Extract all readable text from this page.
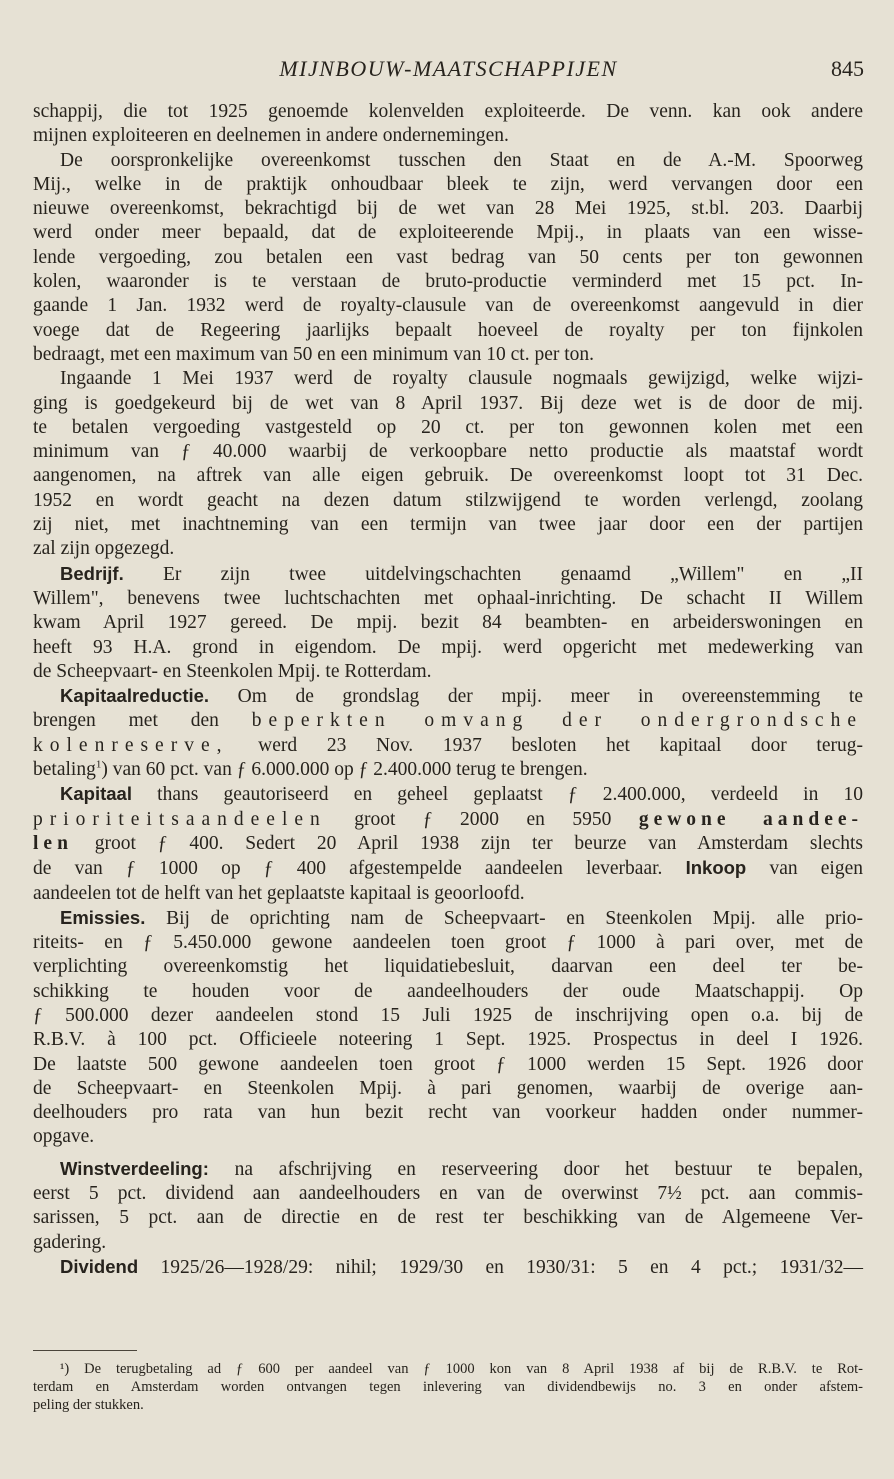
MIJNBOUW-MAATSCHAPPIJEN	845
schappij, die tot 1925 genoemde kolenvelden exploiteerde. De venn. kan ook andere
mijnen exploiteeren en deelnemen in andere ondernemingen.
De oorspronkelijke overeenkomst tusschen den Staat en de A.-M. Spoorweg
Mij., welke in de praktijk onhoudbaar bleek te zijn, werd vervangen door een
nieuwe overeenkomst, bekrachtigd bij de wet van 28 Mei 1925, st.bl. 203. Daarbij
werd onder meer bepaald, dat de exploiteerende Mpij., in plaats van een wisse-
lende vergoeding, zou betalen een vast bedrag van 50 cents per ton gewonnen
kolen, waaronder is te verstaan de bruto-productie verminderd met 15 pct. In-
gaande 1 Jan. 1932 werd de royalty-clausule van de overeenkomst aangevuld in dier
voege dat de Regeering jaarlijks bepaalt hoeveel de royalty per ton fijnkolen
bedraagt, met een maximum van 50 en een minimum van 10 ct. per ton.
Ingaande 1 Mei 1937 werd de royalty clausule nogmaals gewijzigd, welke wijzi-
ging is goedgekeurd bij de wet van 8 April 1937. Bij deze wet is de door de mij.
te betalen vergoeding vastgesteld op 20 ct. per ton gewonnen kolen met een
minimum van ƒ 40.000 waarbij de verkoopbare netto productie als maatstaf wordt
aangenomen, na aftrek van alle eigen gebruik. De overeenkomst loopt tot 31 Dec.
1952 en wordt geacht na dezen datum stilzwijgend te worden verlengd, zoolang
zij niet, met inachtneming van een termijn van twee jaar door een der partijen
zal zijn opgezegd.
Bedrijf. Er zijn twee uitdelvingschachten genaamd „Willem" en „II
Willem", benevens twee luchtschachten met ophaal-inrichting. De schacht II Willem
kwam April 1927 gereed. De mpij. bezit 84 beambten- en arbeiderswoningen en
heeft 93 H.A. grond in eigendom. De mpij. werd opgericht met medewerking van
de Scheepvaart- en Steenkolen Mpij. te Rotterdam.
Kapitaalreductie. Om de grondslag der mpij. meer in overeenstemming te
brengen met den beperkten omvang der ondergrondsche
kolenreserve, werd 23 Nov. 1937 besloten het kapitaal door terug-
betaling$^1$) van 60 pct. van ƒ 6.000.000 op ƒ 2.400.000 terug te brengen.
Kapitaal thans geautoriseerd en geheel geplaatst ƒ 2.400.000, verdeeld in 10
prioriteitsaandeelen groot ƒ 2000 en 5950 gewone aandee-
len groot ƒ 400. Sedert 20 April 1938 zijn ter beurze van Amsterdam slechts
de van ƒ 1000 op ƒ 400 afgestempelde aandeelen leverbaar. Inkoop van eigen
aandeelen tot de helft van het geplaatste kapitaal is geoorloofd.
Emissies. Bij de oprichting nam de Scheepvaart- en Steenkolen Mpij. alle prio-
riteits- en ƒ 5.450.000 gewone aandeelen toen groot ƒ 1000 à pari over, met de
verplichting overeenkomstig het liquidatiebesluit, daarvan een deel ter be-
schikking te houden voor de aandeelhouders der oude Maatschappij. Op
ƒ 500.000 dezer aandeelen stond 15 Juli 1925 de inschrijving open o.a. bij de
R.B.V. à 100 pct. Officieele noteering 1 Sept. 1925. Prospectus in deel I 1926.
De laatste 500 gewone aandeelen toen groot ƒ 1000 werden 15 Sept. 1926 door
de Scheepvaart- en Steenkolen Mpij. à pari genomen, waarbij de overige aan-
deelhouders pro rata van hun bezit recht van voorkeur hadden onder nummer-
opgave.
Winstverdeeling: na afschrijving en reserveering door het bestuur te bepalen,
eerst 5 pct. dividend aan aandeelhouders en van de overwinst 7½ pct. aan commis-
sarissen, 5 pct. aan de directie en de rest ter beschikking van de Algemeene Ver-
gadering.
Dividend 1925/26—1928/29: nihil; 1929/30 en 1930/31: 5 en 4 pct.; 1931/32—
¹) De terugbetaling ad ƒ 600 per aandeel van ƒ 1000 kon van 8 April 1938 af bij de R.B.V. te Rot-
terdam en Amsterdam worden ontvangen tegen inlevering van dividendbewijs no. 3 en onder afstem-
peling der stukken.
